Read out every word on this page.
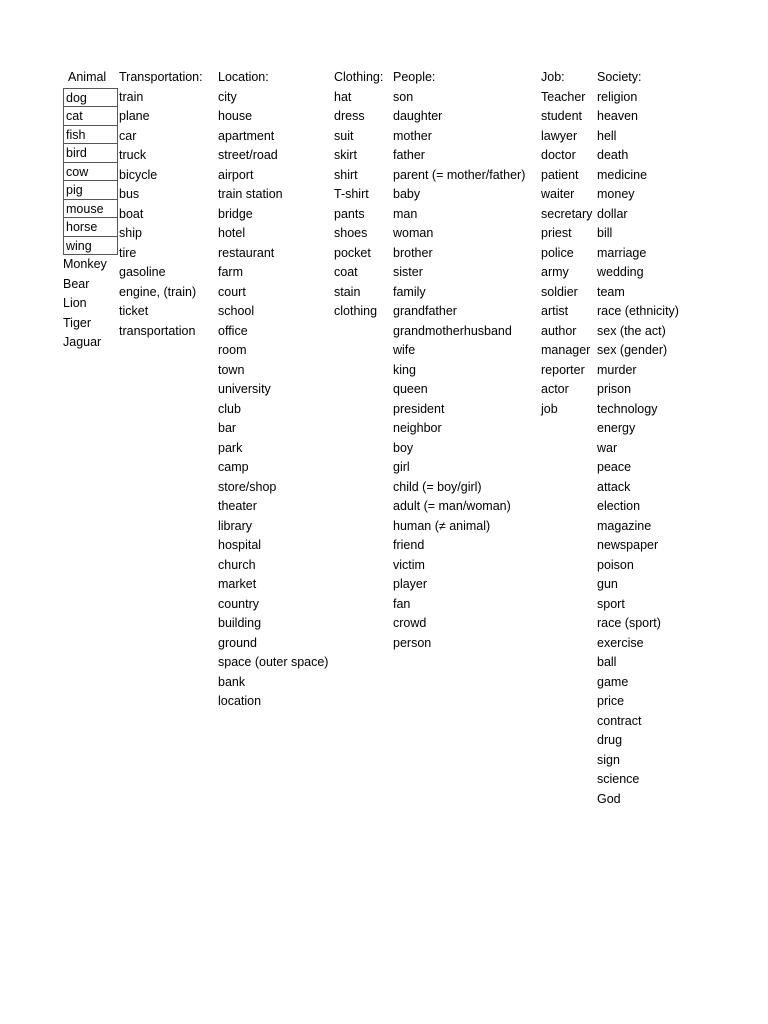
Animal
dog
cat
fish
bird
cow
pig
mouse
horse
wing
Monkey
Bear
Lion
Tiger
Jaguar
Transportation:
train
plane
car
truck
bicycle
bus
boat
ship
tire
gasoline
engine, (train)
ticket
transportation
Location:
city
house
apartment
street/road
airport
train station
bridge
hotel
restaurant
farm
court
school
office
room
town
university
club
bar
park
camp
store/shop
theater
library
hospital
church
market
country
building
ground
space (outer space)
bank
location
Clothing:
hat
dress
suit
skirt
shirt
T-shirt
pants
shoes
pocket
coat
stain
clothing
People:
son
daughter
mother
father
parent (= mother/father)
baby
man
woman
brother
sister
family
grandfather
grandmotherhusband
wife
king
queen
president
neighbor
boy
girl
child (= boy/girl)
adult (= man/woman)
human (≠ animal)
friend
victim
player
fan
crowd
person
Job:
Teacher
student
lawyer
doctor
patient
waiter
secretary
priest
police
army
soldier
artist
author
manager
reporter
actor
job
Society:
religion
heaven
hell
death
medicine
money
dollar
bill
marriage
wedding
team
race (ethnicity)
sex (the act)
sex (gender)
murder
prison
technology
energy
war
peace
attack
election
magazine
newspaper
poison
gun
sport
race (sport)
exercise
ball
game
price
contract
drug
sign
science
God
